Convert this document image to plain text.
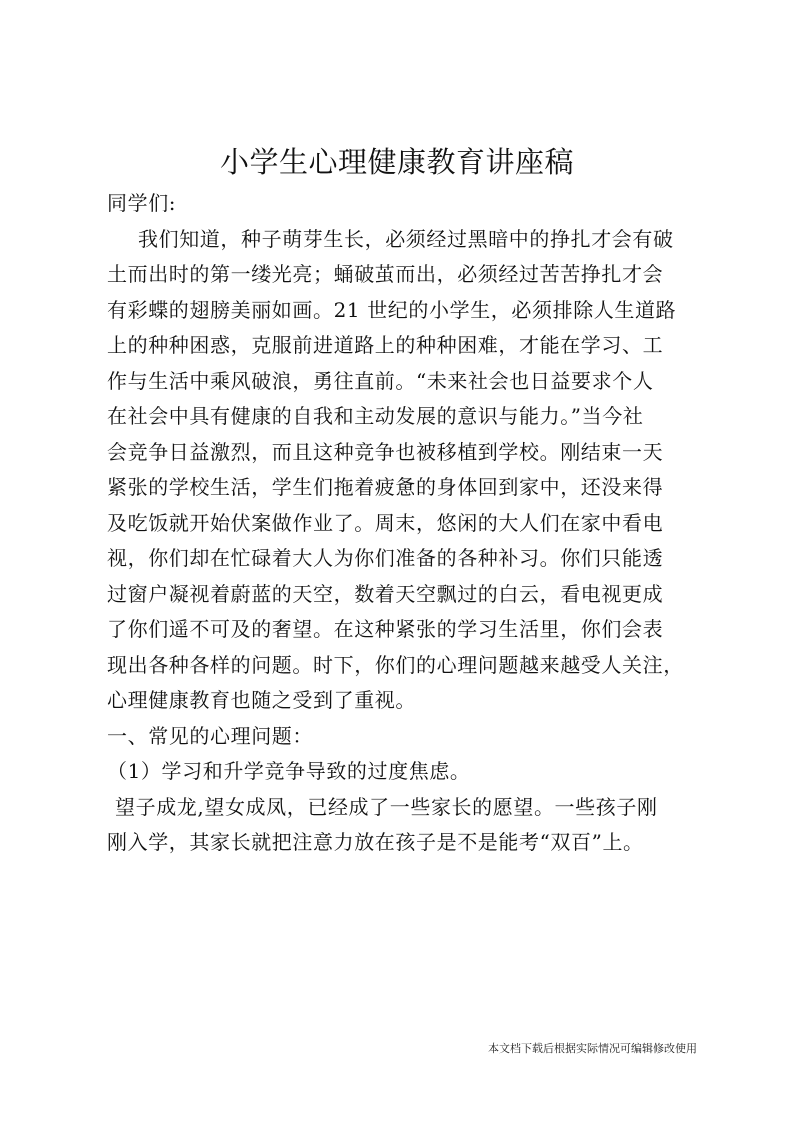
小学生心理健康教育讲座稿

同学们:

我们知道，种子萌芽生长，必须经过黑暗中的挣扎才会有破
土而出时的第一缕光亮；蛹破茧而出，必须经过苦苦挣扎才会
有彩蝶的翅膀美丽如画。21 世纪的小学生，必须排除人生道路
上的种种困惑，克服前进道路上的种种困难，才能在学习、工
作与生活中乘风破浪，勇往直前。“未来社会也日益要求个人
在社会中具有健康的自我和主动发展的意识与能力。”当今社
会竞争日益激烈，而且这种竞争也被移植到学校。刚结束一天
紧张的学校生活，学生们拖着疲惫的身体回到家中，还没来得
及吃饭就开始伏案做作业了。周末，悠闲的大人们在家中看电
视，你们却在忙碌着大人为你们准备的各种补习。你们只能透
过窗户凝视着蔚蓝的天空，数着天空飘过的白云，看电视更成
了你们遥不可及的奢望。在这种紧张的学习生活里，你们会表
现出各种各样的问题。时下，你们的心理问题越来越受人关注，
心理健康教育也随之受到了重视。

一、常见的心理问题：

（1）学习和升学竞争导致的过度焦虑。

望子成龙,望女成凤，已经成了一些家长的愿望。一些孩子刚
刚入学，其家长就把注意力放在孩子是不是能考“双百”上。

本文档下载后根据实际情况可编辑修改使用
